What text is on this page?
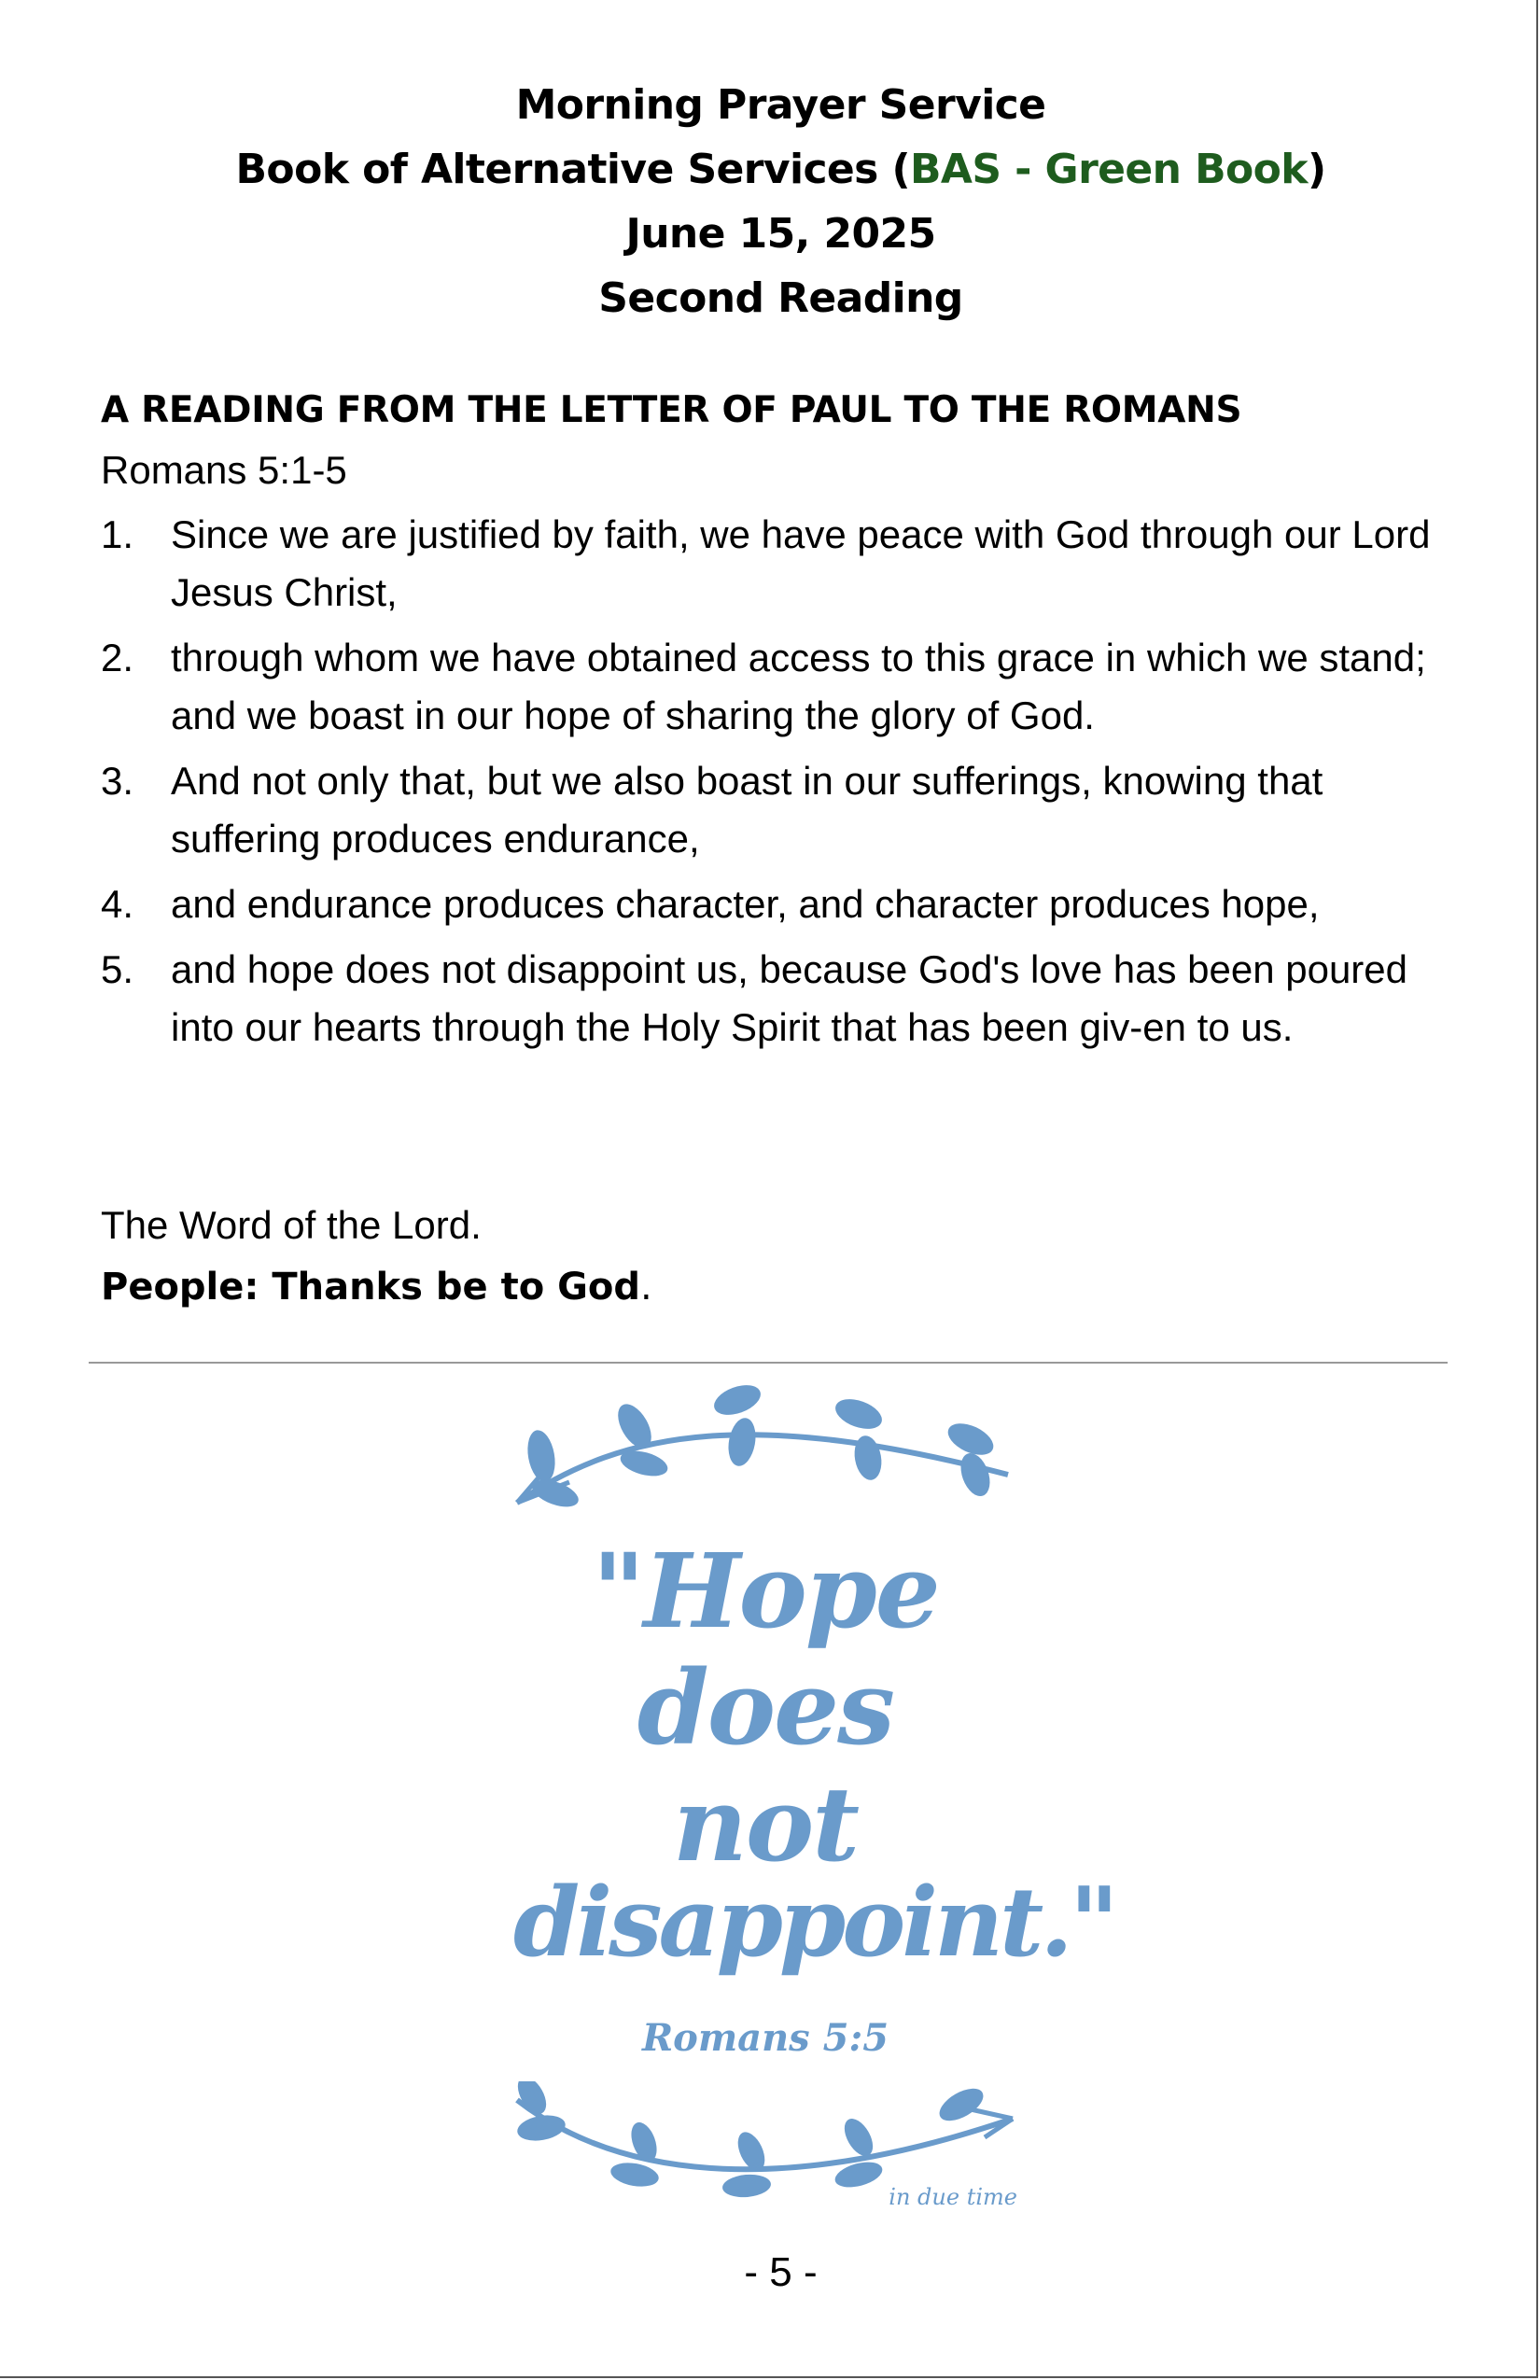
Morning Prayer Service
Book of Alternative Services (BAS - Green Book)
June 15, 2025
Second Reading
A READING FROM THE LETTER OF PAUL TO THE ROMANS
Romans 5:1-5
1. Since we are justified by faith, we have peace with God through our Lord Jesus Christ,
2. through whom we have obtained access to this grace in which we stand; and we boast in our hope of sharing the glory of God.
3. And not only that, but we also boast in our sufferings, knowing that suffering produces endurance,
4. and endurance produces character, and character produces hope,
5. and hope does not disappoint us, because God's love has been poured into our hearts through the Holy Spirit that has been giv-en to us.
The Word of the Lord.
People: Thanks be to God.
"Hope
does
not
disappoint."
Romans 5:5
in due time
- 5 -
